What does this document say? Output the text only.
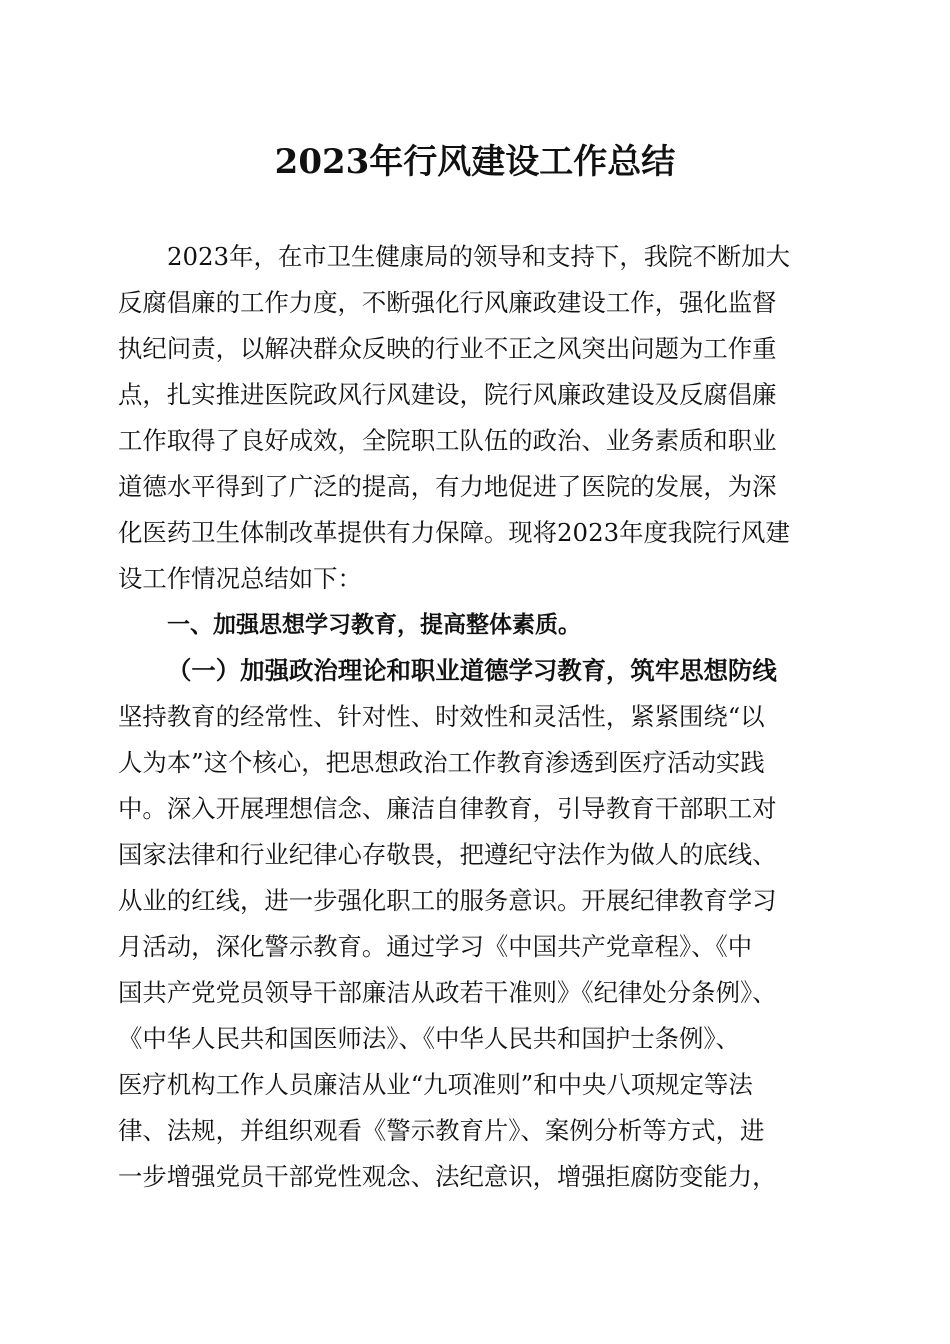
2023年行风建设工作总结
2023年，在市卫生健康局的领导和支持下，我院不断加大
反腐倡廉的工作力度，不断强化行风廉政建设工作，强化监督
执纪问责，以解决群众反映的行业不正之风突出问题为工作重
点，扎实推进医院政风行风建设，院行风廉政建设及反腐倡廉
工作取得了良好成效，全院职工队伍的政治、业务素质和职业
道德水平得到了广泛的提高，有力地促进了医院的发展，为深
化医药卫生体制改革提供有力保障。现将2023年度我院行风建
设工作情况总结如下：
一、加强思想学习教育，提高整体素质。
（一）加强政治理论和职业道德学习教育，筑牢思想防线
坚持教育的经常性、针对性、时效性和灵活性，紧紧围绕“以
人为本”这个核心，把思想政治工作教育渗透到医疗活动实践
中。深入开展理想信念、廉洁自律教育，引导教育干部职工对
国家法律和行业纪律心存敬畏，把遵纪守法作为做人的底线、
从业的红线，进一步强化职工的服务意识。开展纪律教育学习
月活动，深化警示教育。通过学习《中国共产党章程》、《中
国共产党党员领导干部廉洁从政若干准则》《纪律处分条例》、
《中华人民共和国医师法》、《中华人民共和国护士条例》、
医疗机构工作人员廉洁从业“九项准则”和中央八项规定等法
律、法规，并组织观看《警示教育片》、案例分析等方式，进
一步增强党员干部党性观念、法纪意识，增强拒腐防变能力，
